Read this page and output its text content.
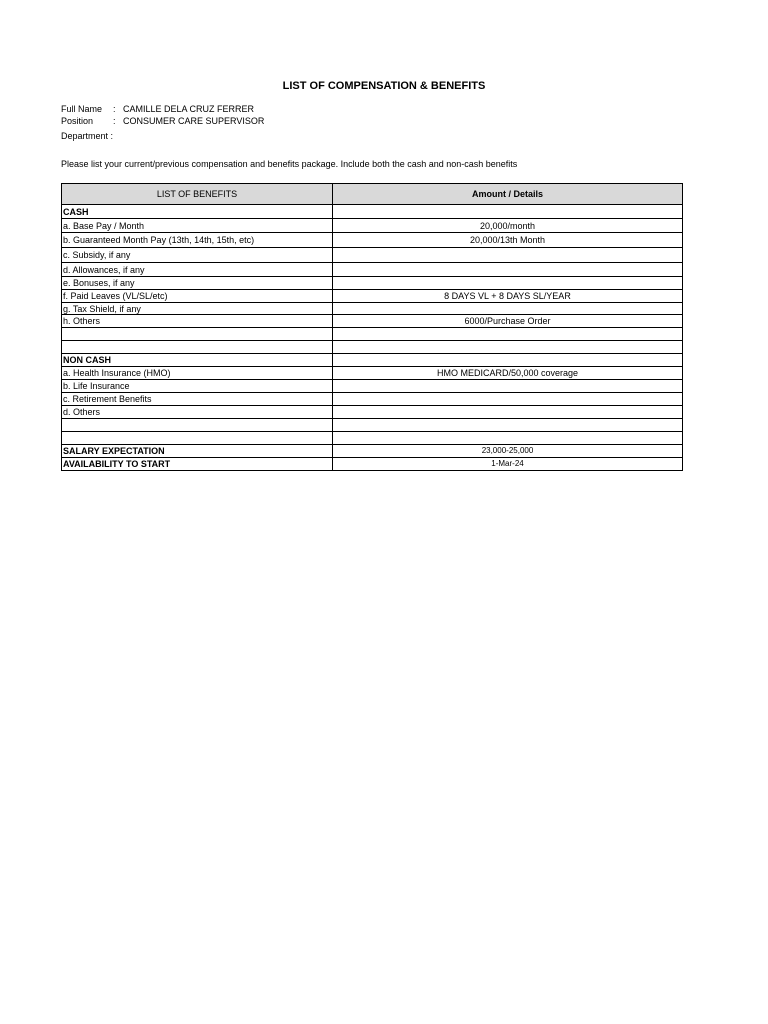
LIST OF COMPENSATION & BENEFITS
Full Name : CAMILLE DELA CRUZ FERRER
Position : CONSUMER CARE SUPERVISOR
Department :
Please list your current/previous compensation and benefits package. Include both the cash and non-cash benefits
LIST OF BENEFITS	Amount / Details
CASH	
a. Base Pay / Month	20,000/month
b. Guaranteed Month Pay (13th, 14th, 15th, etc)	20,000/13th Month
c. Subsidy, if any	
d. Allowances, if any	
e. Bonuses, if any	
f. Paid Leaves (VL/SL/etc)	8 DAYS VL + 8 DAYS SL/YEAR
g. Tax Shield, if any	
h. Others	6000/Purchase Order

NON CASH	
a. Health Insurance (HMO)	HMO MEDICARD/50,000 coverage
b. Life Insurance	
c. Retirement Benefits	
d. Others	

SALARY EXPECTATION	23,000-25,000
AVAILABILITY TO START	1-Mar-24
